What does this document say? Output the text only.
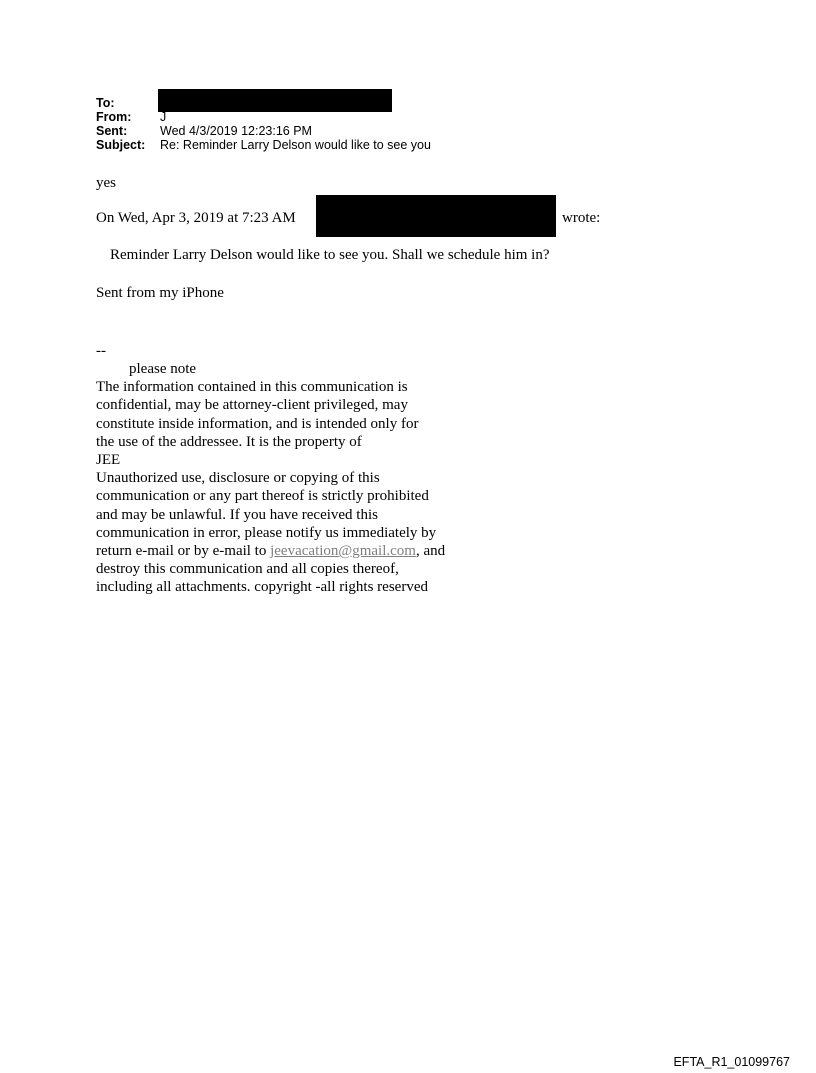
To:
From: J
Sent:	Wed 4/3/2019 12:23:16 PM
Subject: Re: Reminder Larry Delson would like to see you
yes
On Wed, Apr 3, 2019 at 7:23 AM	wrote:
Reminder Larry Delson would like to see you. Shall we schedule him in?
Sent from my iPhone
--
please note
The information contained in this communication is
confidential, may be attorney-client privileged, may
constitute inside information, and is intended only for
the use of the addressee. It is the property of
JEE
Unauthorized use, disclosure or copying of this
communication or any part thereof is strictly prohibited
and may be unlawful. If you have received this
communication in error, please notify us immediately by
return e-mail or by e-mail to jeevacation@gmail.com, and
destroy this communication and all copies thereof,
including all attachments. copyright -all rights reserved
EFTA_R1_01099767
